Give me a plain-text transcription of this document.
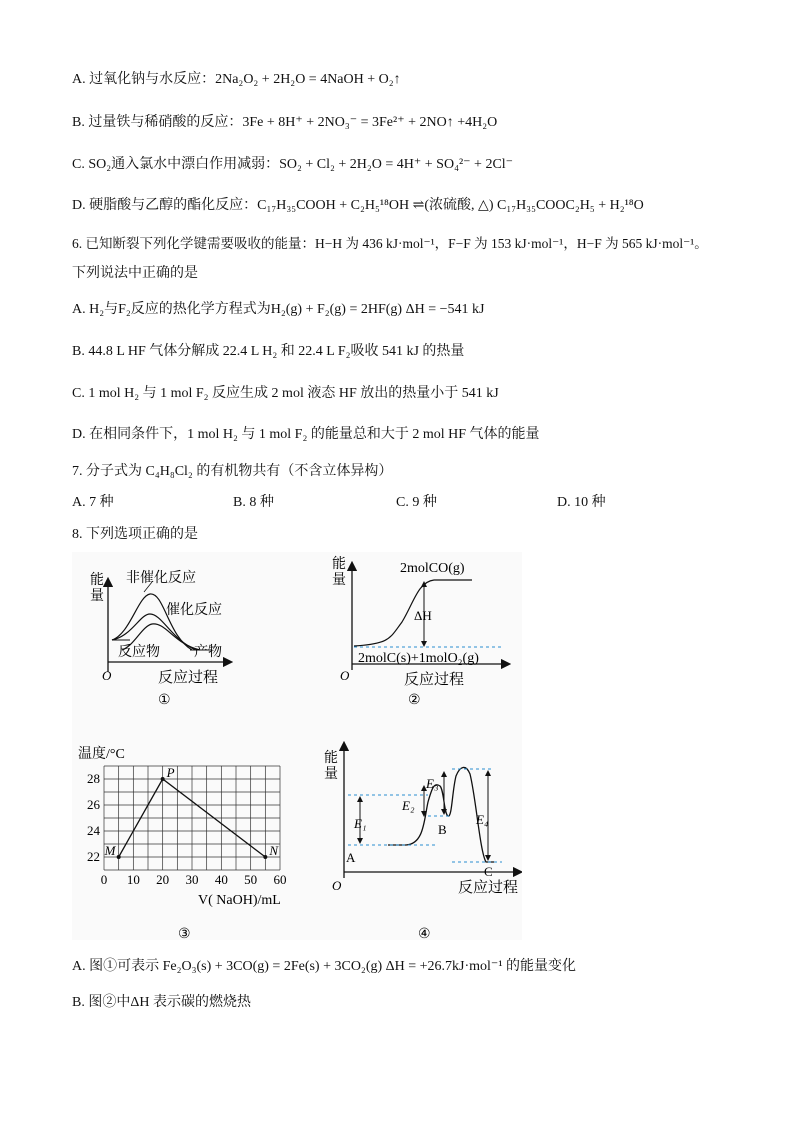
A. 过氧化钠与水反应：2Na₂O₂ + 2H₂O = 4NaOH + O₂↑
B. 过量铁与稀硝酸的反应：3Fe + 8H⁺ + 2NO₃⁻ = 3Fe²⁺ + 2NO↑ +4H₂O
C. SO₂通入氯水中漂白作用减弱：SO₂ + Cl₂ + 2H₂O = 4H⁺ + SO₄²⁻ + 2Cl⁻
D. 硬脂酸与乙醇的酯化反应：C₁₇H₃₅COOH + C₂H₅¹⁸OH ⇌(浓硫酸, △) C₁₇H₃₅COOC₂H₅ + H₂¹⁸O
6. 已知断裂下列化学键需要吸收的能量：H−H 为 436 kJ·mol⁻¹，F−F 为 153 kJ·mol⁻¹，H−F 为 565 kJ·mol⁻¹。
下列说法中正确的是
A. H₂与F₂反应的热化学方程式为H₂(g) + F₂(g) = 2HF(g) ΔH = −541 kJ
B. 44.8 L HF 气体分解成 22.4 L H₂ 和 22.4 L F₂吸收 541 kJ 的热量
C. 1 mol H₂ 与 1 mol F₂ 反应生成 2 mol 液态 HF 放出的热量小于 541 kJ
D. 在相同条件下，1 mol H₂ 与 1 mol F₂ 的能量总和大于 2 mol HF 气体的能量
7. 分子式为 C₄H₈Cl₂ 的有机物共有（不含立体异构）
A. 7 种	B. 8 种	C. 9 种	D. 10 种
8. 下列选项正确的是
能
量
O	反应过程
①
非催化反应
催化反应
反应物 产物
能
量
O	反应过程
②
ΔH
2molCO(g)
2molC(s)+1molO₂(g)
温度/°C
V( NaOH)/mL
③
0 10 20 30 40 50 60
22
24
26
28
M
P
N
能
量
O	反应过程
④
E₁
E₂
E₃
E₄
A
B
C
A. 图①可表示 Fe₂O₃(s) + 3CO(g) = 2Fe(s) + 3CO₂(g) ΔH = +26.7kJ·mol⁻¹ 的能量变化
B. 图②中ΔH 表示碳的燃烧热
